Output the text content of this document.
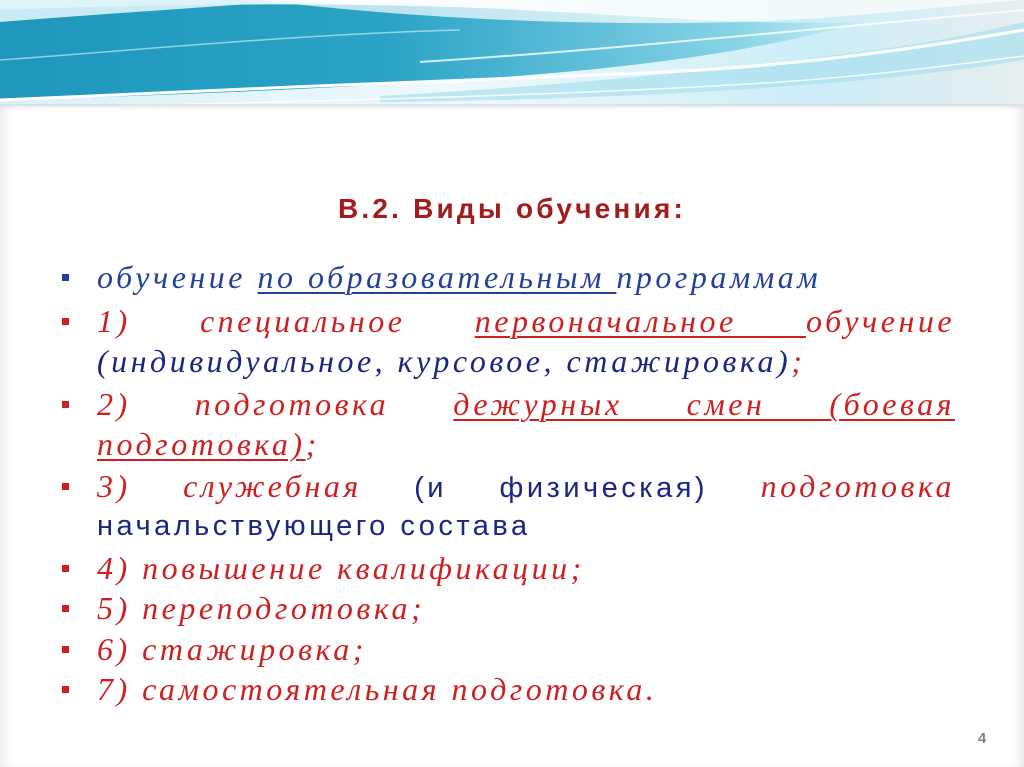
В.2. Виды обучения:
обучение по образовательным программам
1) специальное первоначальное обучение
(индивидуальное, курсовое, стажировка);
2) подготовка дежурных смен (боевая
подготовка);
3) служебная (и физическая) подготовка
начальствующего состава
4) повышение квалификации;
5) переподготовка;
6) стажировка;
7) самостоятельная подготовка.
4
